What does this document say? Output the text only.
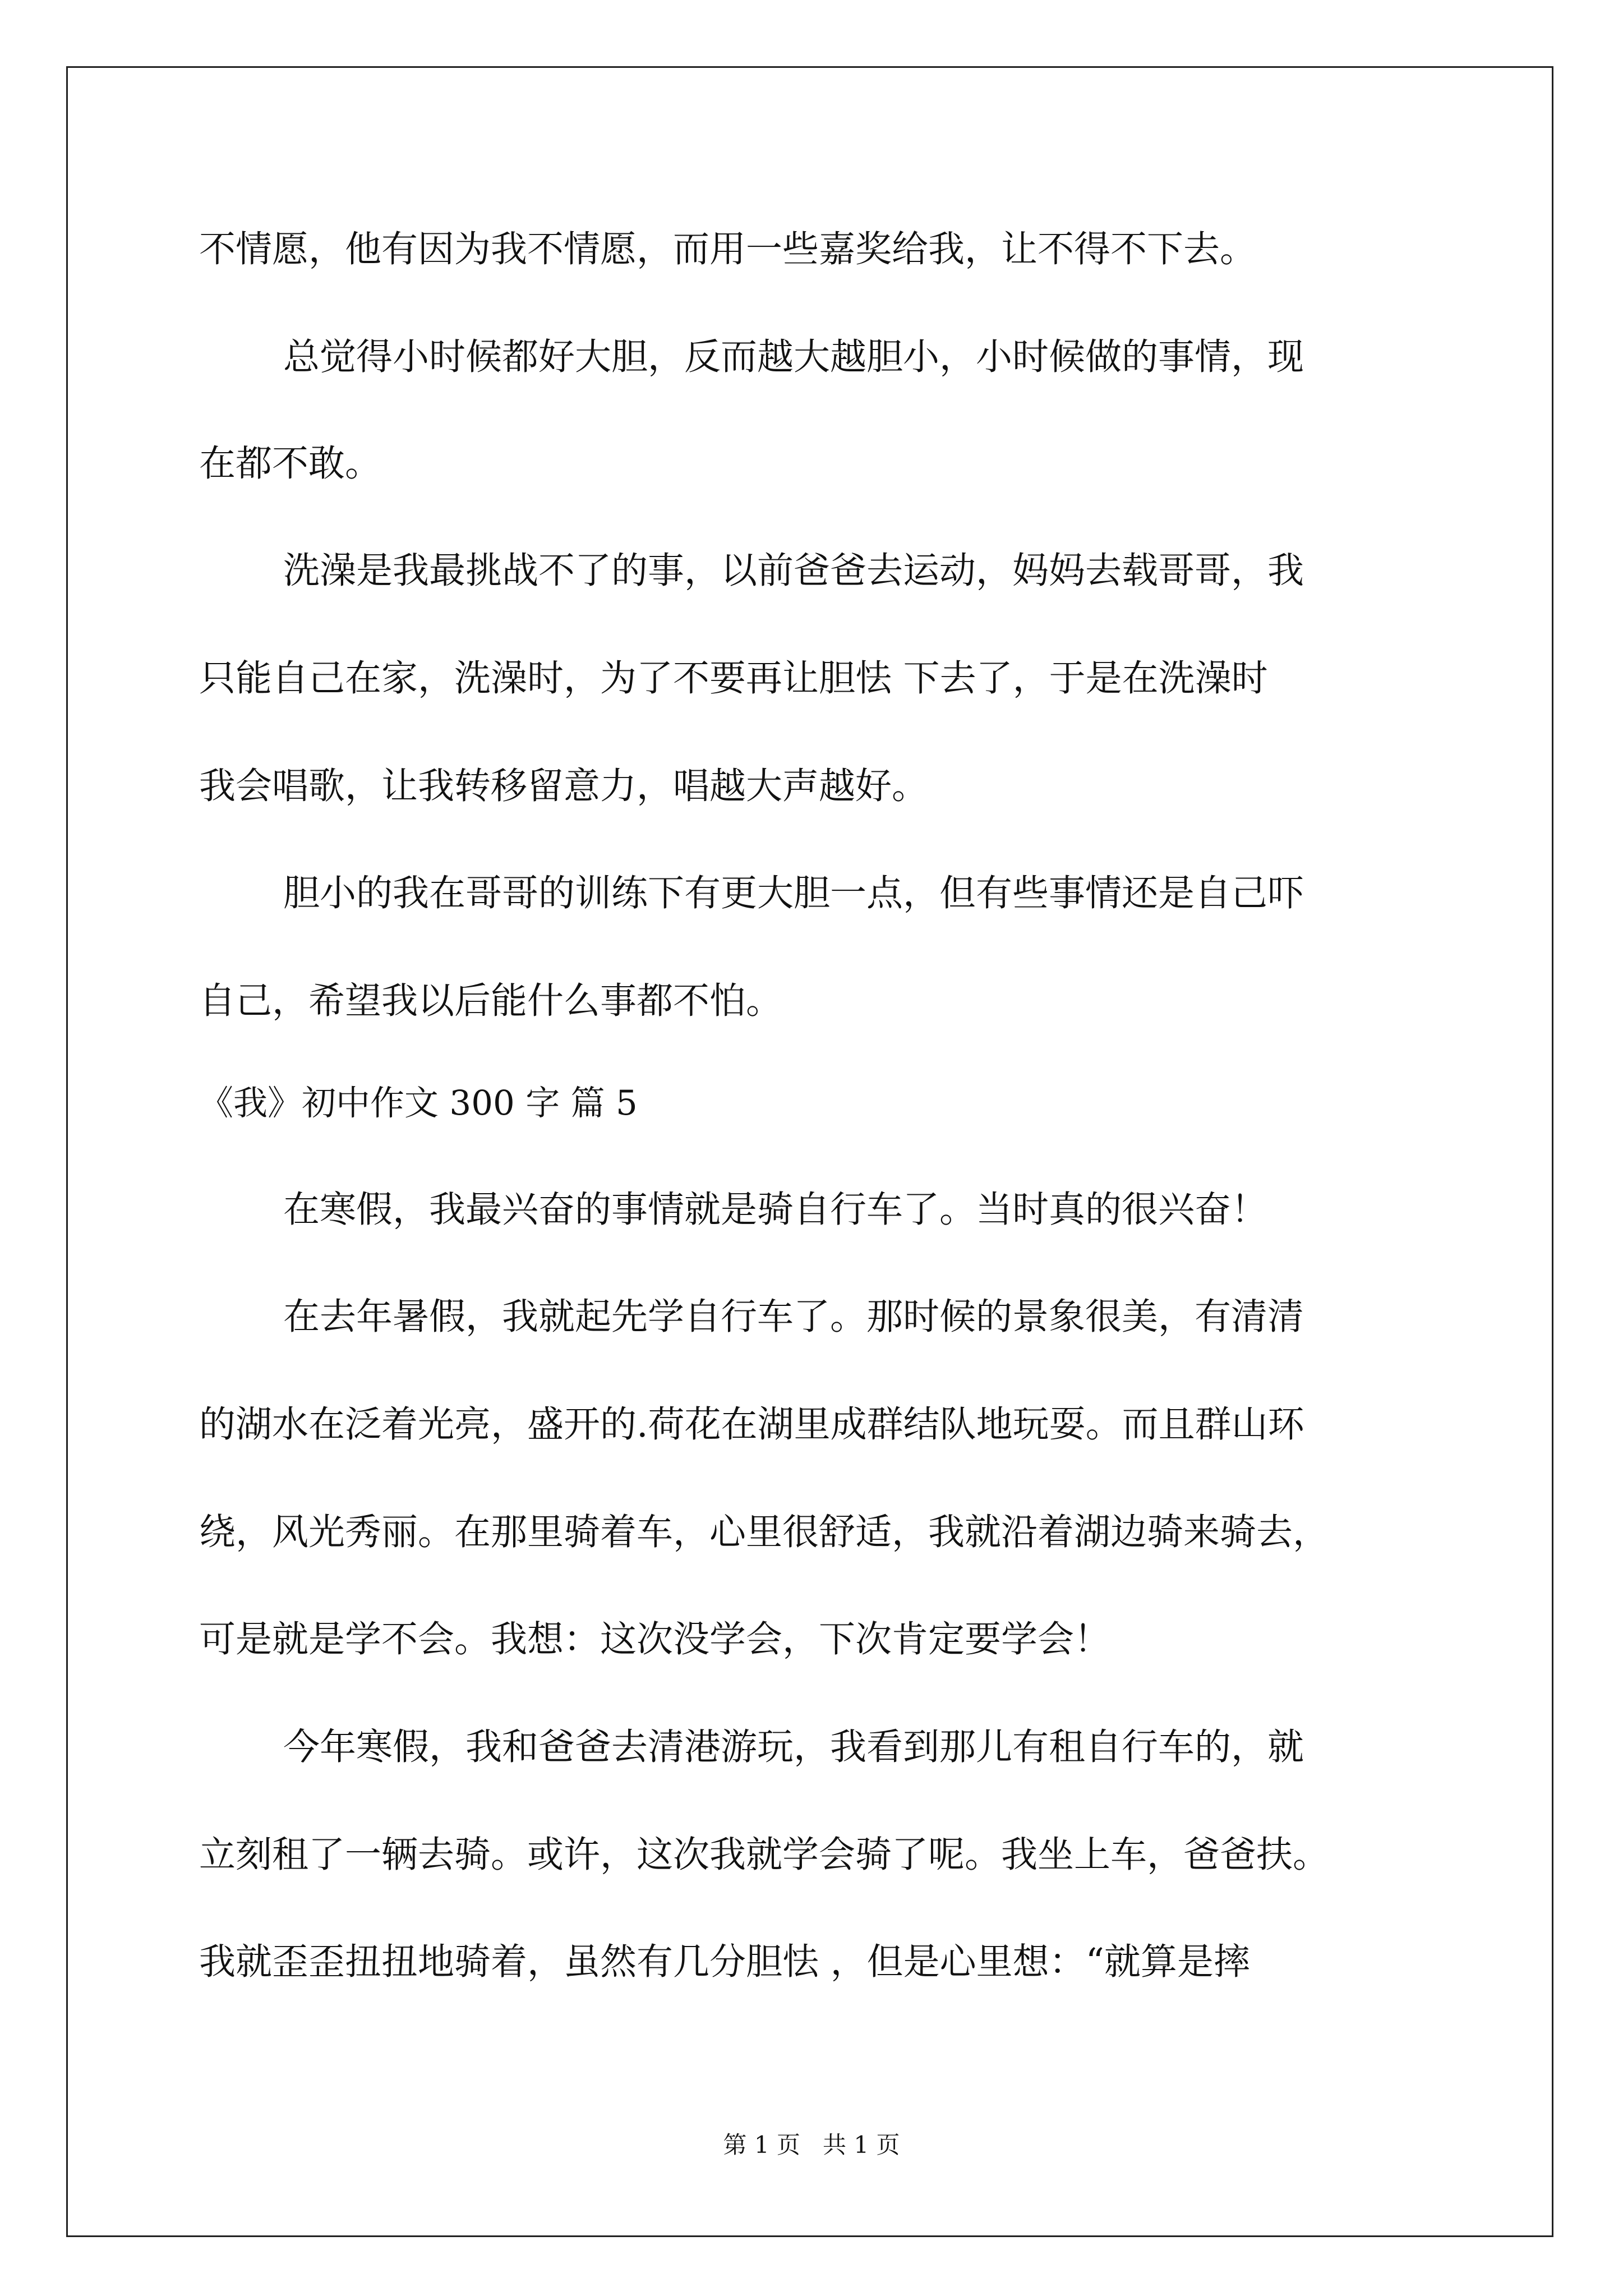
不情愿，他有因为我不情愿，而用一些嘉奖给我，让不得不下去。
总觉得小时候都好大胆，反而越大越胆小，小时候做的事情，现
在都不敢。
洗澡是我最挑战不了的事，以前爸爸去运动，妈妈去载哥哥，我
只能自己在家，洗澡时，为了不要再让胆怯 下去了，于是在洗澡时
我会唱歌，让我转移留意力，唱越大声越好。
胆小的我在哥哥的训练下有更大胆一点，但有些事情还是自己吓
自己，希望我以后能什么事都不怕。
《我》初中作文 300 字 篇 5
在寒假，我最兴奋的事情就是骑自行车了。当时真的很兴奋！
在去年暑假，我就起先学自行车了。那时候的景象很美，有清清
的湖水在泛着光亮，盛开的.荷花在湖里成群结队地玩耍。而且群山环
绕，风光秀丽。在那里骑着车，心里很舒适，我就沿着湖边骑来骑去，
可是就是学不会。我想：这次没学会，下次肯定要学会！
今年寒假，我和爸爸去清港游玩，我看到那儿有租自行车的，就
立刻租了一辆去骑。或许，这次我就学会骑了呢。我坐上车，爸爸扶。
我就歪歪扭扭地骑着，虽然有几分胆怯 ，但是心里想：“就算是摔
第 1 页   共 1 页
